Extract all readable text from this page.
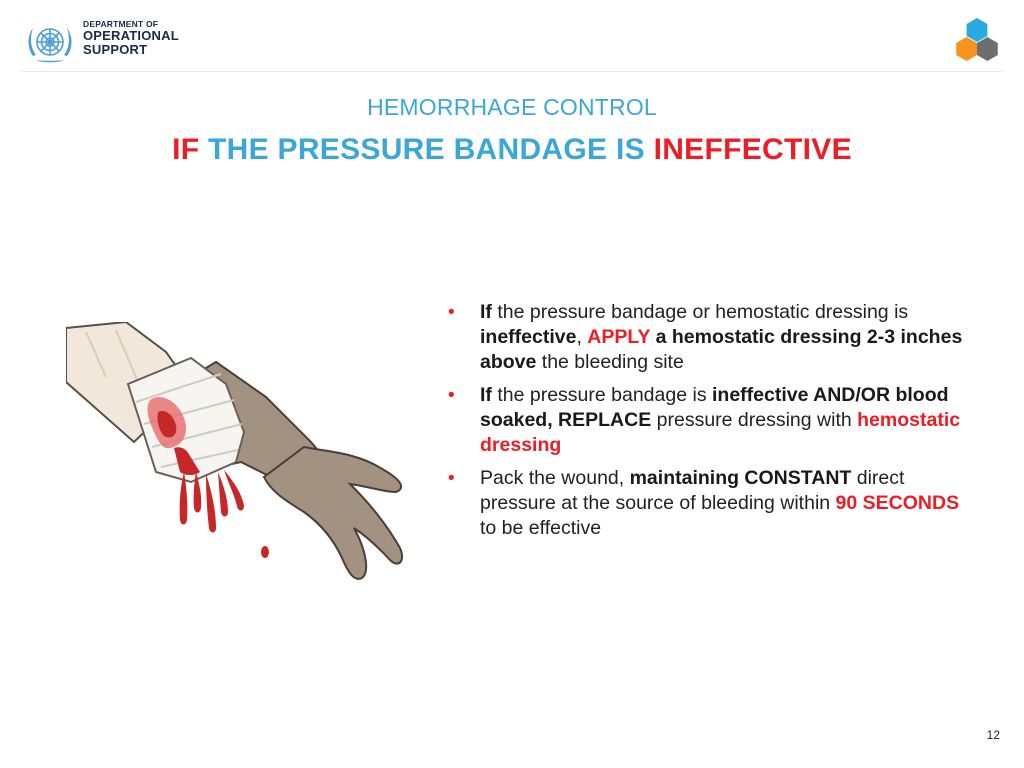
DEPARTMENT OF
OPERATIONAL
SUPPORT
HEMORRHAGE CONTROL
IF THE PRESSURE BANDAGE IS INEFFECTIVE
• If the pressure bandage or hemostatic dressing is ineffective, APPLY a hemostatic dressing 2-3 inches above the bleeding site
• If the pressure bandage is ineffective AND/OR blood soaked, REPLACE pressure dressing with hemostatic dressing
• Pack the wound, maintaining CONSTANT direct pressure at the source of bleeding within 90 SECONDS to be effective
12
